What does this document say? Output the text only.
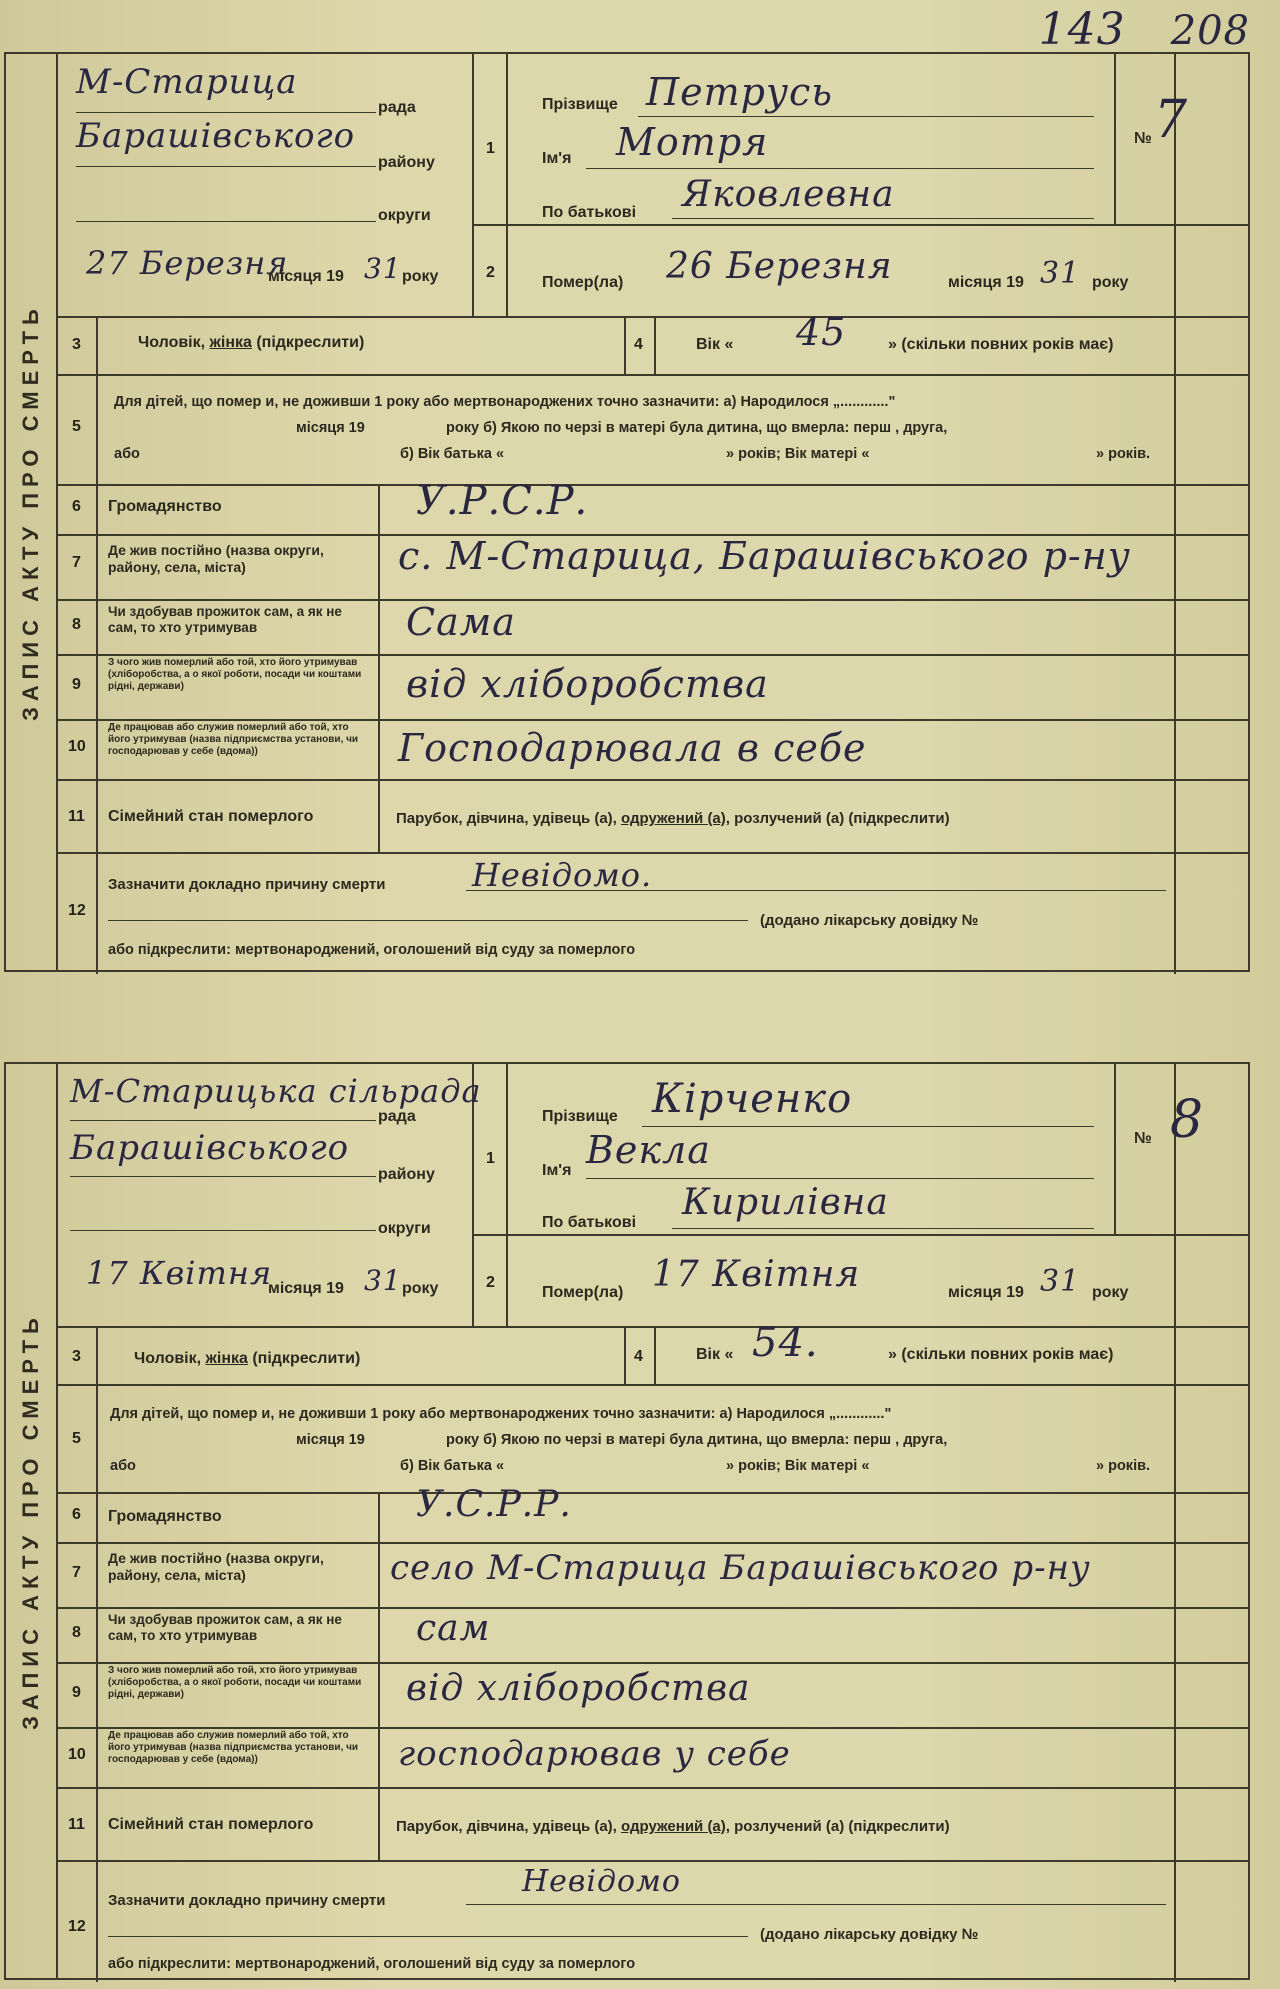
143 208
ЗАПИС АКТУ ПРО СМЕРТЬ
М-Старица
рада
Барашівського
району
округи
27 Березня
місяця 19 31 року
1
2
Прізвище Петрусь
Ім'я Мотря
По батькові Яковлевна
№ 7
Помер(ла) 26 Березня	місяця 19 31 року
3	Чоловік, жінка (підкреслити)	4	Вік « 45	» (скільки повних років має)
5
Для дітей, що помер и, не доживши 1 року або мертвонароджених точно зазначити: а) Народилося „............"
місяця 19	року б) Якою по черзі в матері була дитина, що вмерла: перш , друга,
або	б) Вік батька «	» років; Вік матері «	» років.
6 Громадянство	У.Р.С.Р.
7
Де жив постійно (назва округи, району, села, міста)	с. М-Старица, Барашівського р-ну
8
Чи здобував прожиток сам, а як не сам, то хто утримував	Сама
9
З чого жив померлий або той, хто його утримував (хліборобства, а о якої роботи, посади чи коштами рідні, держави)	від хліборобства
10
Де працював або служив померлий або той, хто його утримував (назва підприємства установи, чи господарював у себе (вдома))	Господарювала в себе
11 Сімейний стан померлого	Парубок, дівчина, удівець (а), одружений (а), розлучений (а) (підкреслити)
12
Зазначити докладно причину смерти	Невідомо.
(додано лікарську довідку №
або підкреслити: мертвонароджений, оголошений від суду за померлого
ЗАПИС АКТУ ПРО СМЕРТЬ
М-Старицька сільрада
рада
Барашівського
району
округи
17 Квітня
місяця 19 31 року
1
2
Прізвище Кірченко
Ім'я Векла
По батькові Кирилівна
№ 8
Помер(ла) 17 Квітня	місяця 19 31 року
3	Чоловік, жінка (підкреслити)	4	Вік « 54.	» (скільки повних років має)
5
Для дітей, що помер и, не доживши 1 року або мертвонароджених точно зазначити: а) Народилося „............"
місяця 19	року б) Якою по черзі в матері була дитина, що вмерла: перш , друга,
або	б) Вік батька «	» років; Вік матері «	» років.
6 Громадянство	У.С.Р.Р.
7
Де жив постійно (назва округи, району, села, міста)	село М-Старица Барашівського р-ну
8
Чи здобував прожиток сам, а як не сам, то хто утримував	сам
9
З чого жив померлий або той, хто його утримував (хліборобства, а о якої роботи, посади чи коштами рідні, держави)	від хліборобства
10
Де працював або служив померлий або той, хто його утримував (назва підприємства установи, чи господарював у себе (вдома))	господарював у себе
11 Сімейний стан померлого	Парубок, дівчина, удівець (а), одружений (а), розлучений (а) (підкреслити)
12
Зазначити докладно причину смерти
Невідомо
(додано лікарську довідку №
або підкреслити: мертвонароджений, оголошений від суду за померлого
